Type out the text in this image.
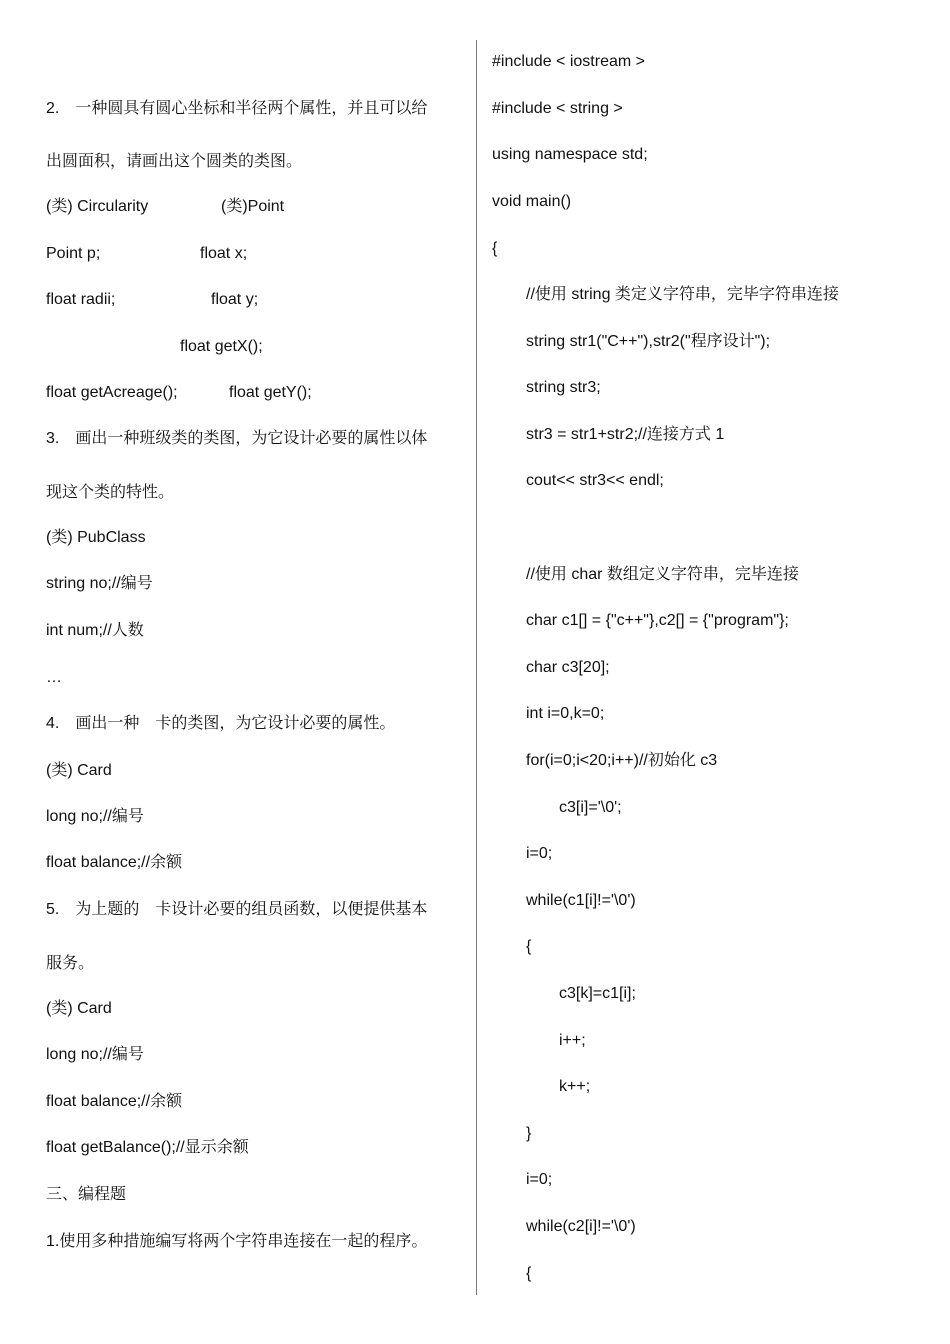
2.　一种圆具有圆心坐标和半径两个属性，并且可以给
出圆面积，请画出这个圆类的类图。
(类) Circularity	(类)Point
Point p;	float x;
float radii;	float y;
float getX();
float getAcreage();	float getY();
3.　画出一种班级类的类图，为它设计必要的属性以体
现这个类的特性。
(类) PubClass
string no;//编号
int num;//人数
…
4.　画出一种　卡的类图，为它设计必要的属性。
(类) Card
long no;//编号
float balance;//余额
5.　为上题的　卡设计必要的组员函数，以便提供基本
服务。
(类) Card
long no;//编号
float balance;//余额
float getBalance();//显示余额
三、编程题
1.使用多种措施编写将两个字符串连接在一起的程序。
#include < iostream >
#include < string >
using namespace std;
void main()
{
//使用 string 类定义字符串，完毕字符串连接
string str1("C++"),str2("程序设计");
string str3;
str3 = str1+str2;//连接方式 1
cout<< str3<< endl;
//使用 char 数组定义字符串，完毕连接
char c1[] = {"c++"},c2[] = {"program"};
char c3[20];
int i=0,k=0;
for(i=0;i<20;i++)//初始化 c3
c3[i]='\0';
i=0;
while(c1[i]!='\0')
{
c3[k]=c1[i];
i++;
k++;
}
i=0;
while(c2[i]!='\0')
{
